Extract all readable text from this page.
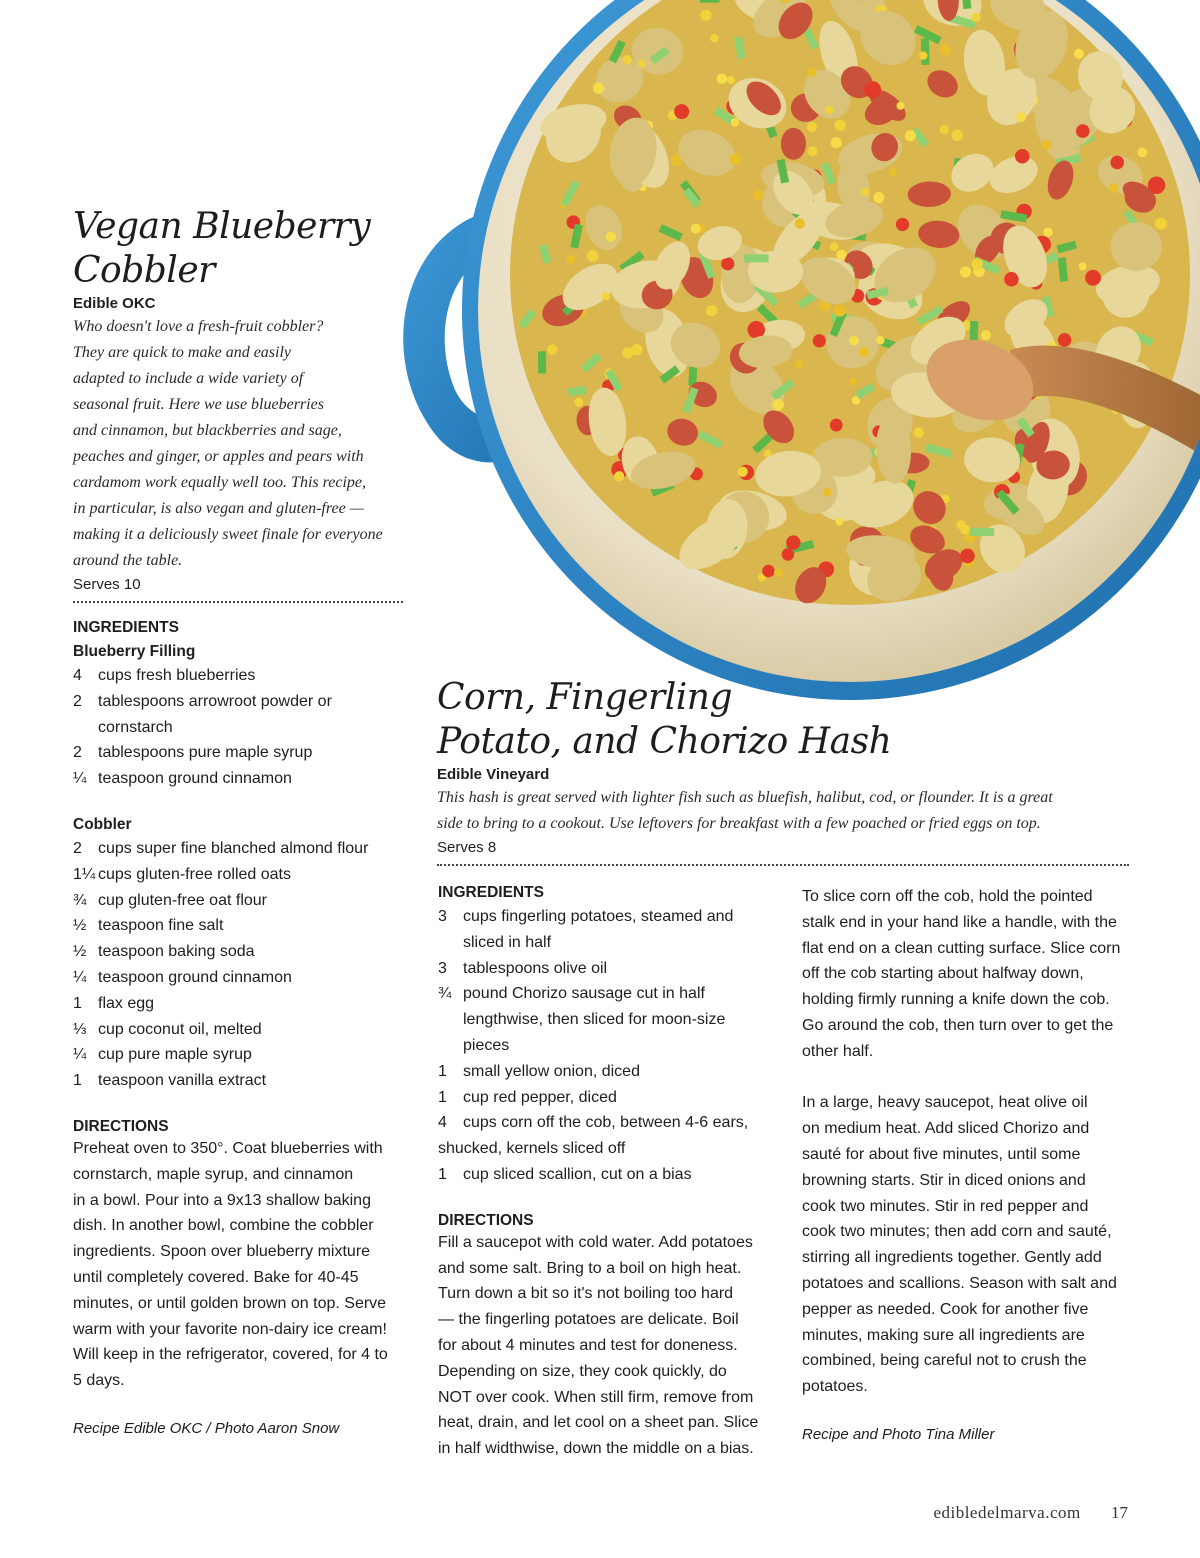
Vegan Blueberry
Cobbler
Edible OKC
Who doesn't love a fresh-fruit cobbler?
They are quick to make and easily
adapted to include a wide variety of
seasonal fruit. Here we use blueberries
and cinnamon, but blackberries and sage,
peaches and ginger, or apples and pears with
cardamom work equally well too. This recipe,
in particular, is also vegan and gluten-free —
making it a deliciously sweet finale for everyone
around the table.
Serves 10
INGREDIENTS
Blueberry Filling
4	cups fresh blueberries
2	tablespoons arrowroot powder or cornstarch
2	tablespoons pure maple syrup
¼ teaspoon ground cinnamon
Cobbler
2	cups super fine blanched almond flour
1¼ cups gluten-free rolled oats
¾ cup gluten-free oat flour
½ teaspoon fine salt
½ teaspoon baking soda
¼ teaspoon ground cinnamon
1	flax egg
⅓ cup coconut oil, melted
¼ cup pure maple syrup
1	teaspoon vanilla extract
DIRECTIONS
Preheat oven to 350°. Coat blueberries with
cornstarch, maple syrup, and cinnamon
in a bowl. Pour into a 9x13 shallow baking
dish. In another bowl, combine the cobbler
ingredients. Spoon over blueberry mixture
until completely covered. Bake for 40-45
minutes, or until golden brown on top. Serve
warm with your favorite non-dairy ice cream!
Will keep in the refrigerator, covered, for 4 to
5 days.
Recipe Edible OKC / Photo Aaron Snow
Corn, Fingerling
Potato, and Chorizo Hash
Edible Vineyard
This hash is great served with lighter fish such as bluefish, halibut, cod, or flounder. It is a great
side to bring to a cookout. Use leftovers for breakfast with a few poached or fried eggs on top.
Serves 8
INGREDIENTS
3	cups fingerling potatoes, steamed and sliced in half
3	tablespoons olive oil
¾ pound Chorizo sausage cut in half lengthwise, then sliced for moon-size pieces
1	small yellow onion, diced
1	cup red pepper, diced
4	cups corn off the cob, between 4-6 ears,
shucked, kernels sliced off
1	cup sliced scallion, cut on a bias
DIRECTIONS
Fill a saucepot with cold water. Add potatoes
and some salt. Bring to a boil on high heat.
Turn down a bit so it's not boiling too hard
— the fingerling potatoes are delicate. Boil
for about 4 minutes and test for doneness.
Depending on size, they cook quickly, do
NOT over cook. When still firm, remove from
heat, drain, and let cool on a sheet pan. Slice
in half widthwise, down the middle on a bias.
To slice corn off the cob, hold the pointed
stalk end in your hand like a handle, with the
flat end on a clean cutting surface. Slice corn
off the cob starting about halfway down,
holding firmly running a knife down the cob.
Go around the cob, then turn over to get the
other half.
In a large, heavy saucepot, heat olive oil
on medium heat. Add sliced Chorizo and
sauté for about five minutes, until some
browning starts. Stir in diced onions and
cook two minutes. Stir in red pepper and
cook two minutes; then add corn and sauté,
stirring all ingredients together. Gently add
potatoes and scallions. Season with salt and
pepper as needed. Cook for another five
minutes, making sure all ingredients are
combined, being careful not to crush the
potatoes.
Recipe and Photo Tina Miller
edibledelmarva.com 17
